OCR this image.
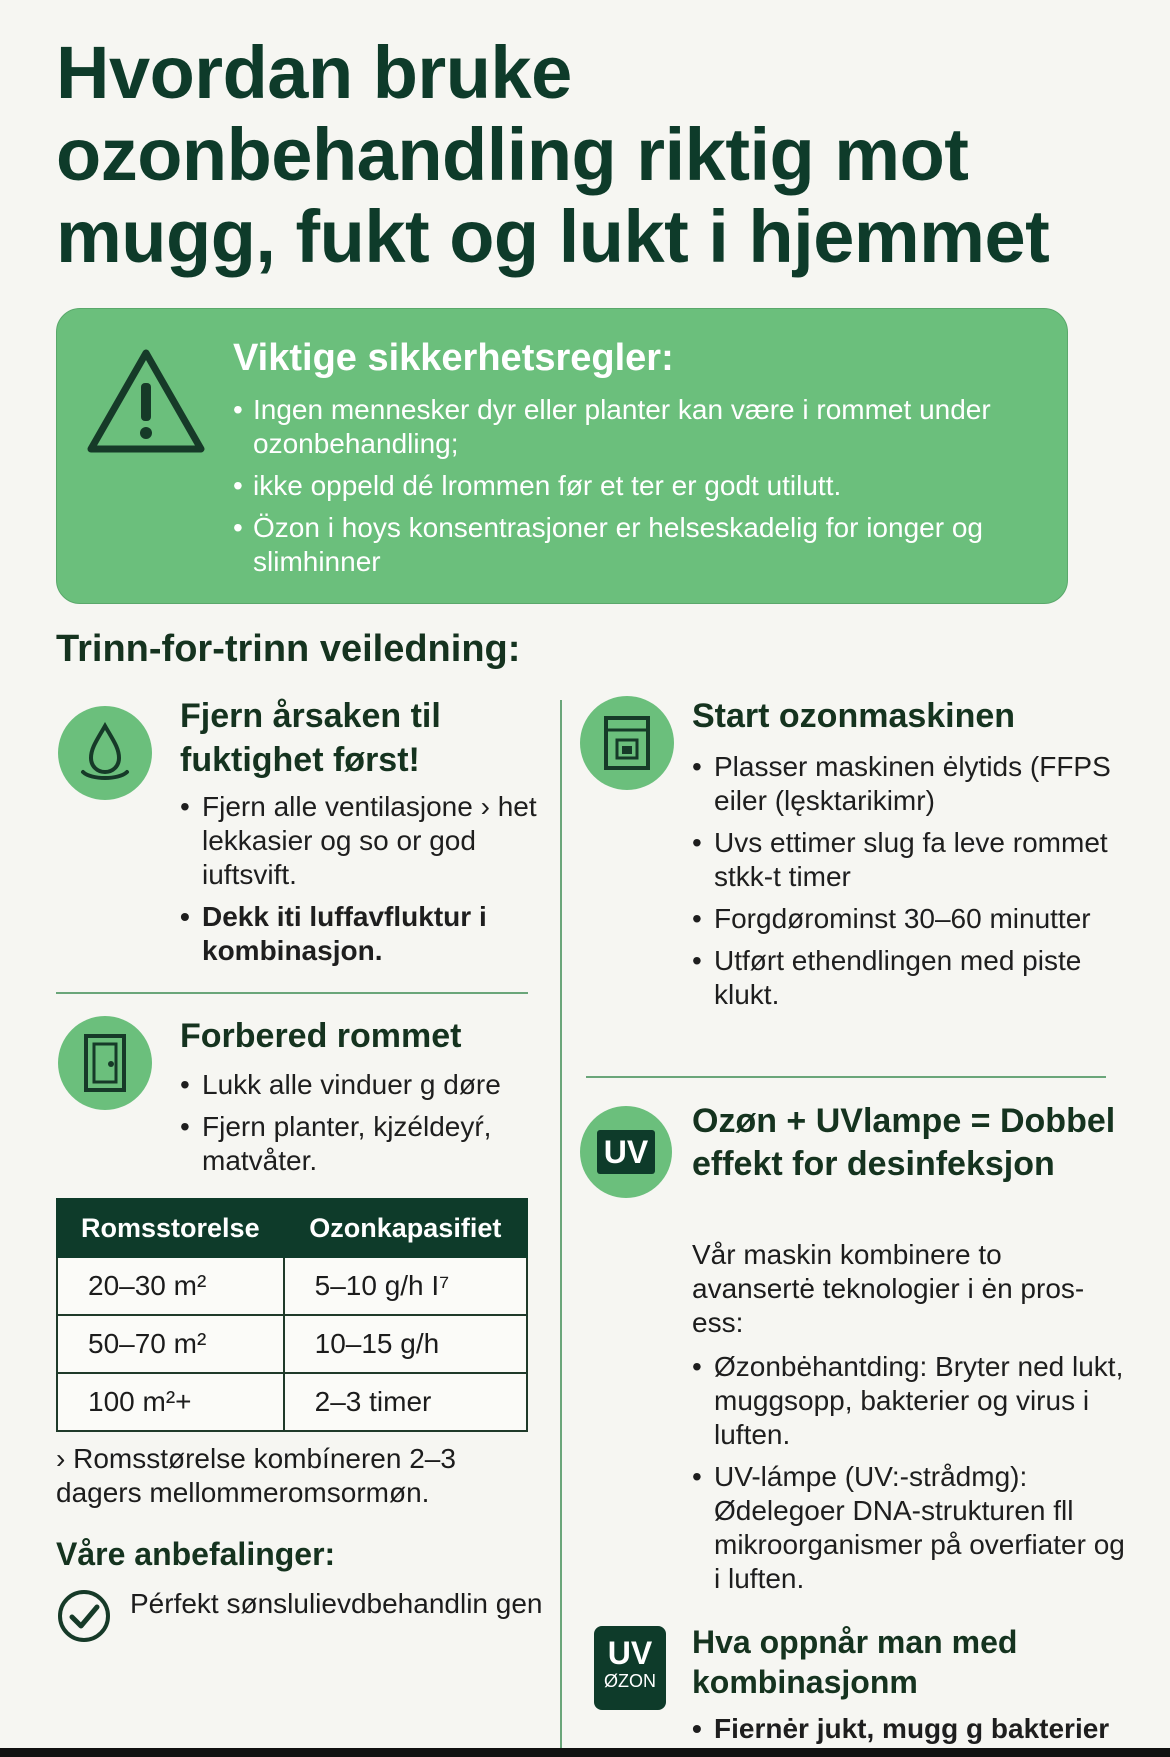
Hvordan bruke ozonbehandling riktig mot mugg, fukt og lukt i hjemmet
Viktige sikkerhetsregler:
• Ingen mennesker dyr eller planter kan være i rommet under ozonbehandling;
• ikke oppeld dé lrommen før et ter er godt utilutt.
• Özon i hoys konsentrasjoner er helseskadelig for ionger og slimhinner
Trinn-for-trinn veiledning:
Fjern årsaken til fuktighet først!
• Fjern alle ventilasjone › het lekkasier og so or god iuftsvift.
• Dekk iti luffavfluktur i kombinasjon.
Forbered rommet
• Lukk alle vinduer g døre
• Fjern planter, kjzéldeyŕ, matvåter.
Romsstorelse	Ozonkapasifiet
20–30 m²	5–10 g/h I⁷
50–70 m²	10–15 g/h
100 m²+	2–3 timer

› Romsstørelse kombíneren 2–3 dagers mellommeromsormøn.

Våre anbefalinger:

Pérfekt sønslulievdbehandlin gen

Start ozonmaskinen
• Plasser maskinen ėlytids (FFPS eiler (lęsktarikimr)
• Uvs ettimer slug fa leve rommet stkk-t timer
• Forgdørominst 30–60 minutter
• Utført ethendlingen med piste klukt.
UV
Ozøn + UVlampe = Dobbel effekt for desinfeksjon

Vår maskin kombinere to avansertė teknologier i ėn pros-ess:

• Øzonbėhantding: Bryter ned lukt, muggsopp, bakterier og virus i luften.
• UV-lámpe (UV:-strådmg): Ødelegoer DNA-strukturen fll mikroorganismer på overfiater og i luften.
UV
ØZON
Hva oppnår man med kombinasjonm
• Fiernėr jukt, mugg g bakterier
